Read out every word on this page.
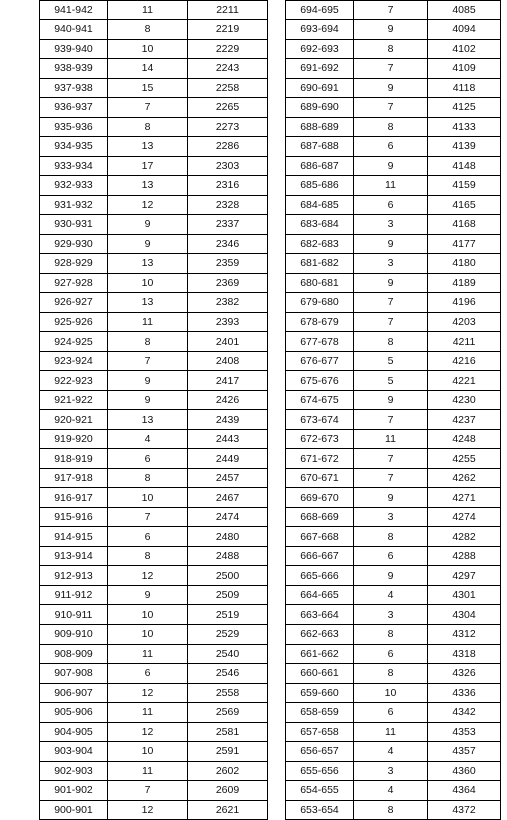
941-942	11	2211
940-941	8	2219
939-940	10	2229
938-939	14	2243
937-938	15	2258
936-937	7	2265
935-936	8	2273
934-935	13	2286
933-934	17	2303
932-933	13	2316
931-932	12	2328
930-931	9	2337
929-930	9	2346
928-929	13	2359
927-928	10	2369
926-927	13	2382
925-926	11	2393
924-925	8	2401
923-924	7	2408
922-923	9	2417
921-922	9	2426
920-921	13	2439
919-920	4	2443
918-919	6	2449
917-918	8	2457
916-917	10	2467
915-916	7	2474
914-915	6	2480
913-914	8	2488
912-913	12	2500
911-912	9	2509
910-911	10	2519
909-910	10	2529
908-909	11	2540
907-908	6	2546
906-907	12	2558
905-906	11	2569
904-905	12	2581
903-904	10	2591
902-903	11	2602
901-902	7	2609
900-901	12	2621
694-695	7	4085
693-694	9	4094
692-693	8	4102
691-692	7	4109
690-691	9	4118
689-690	7	4125
688-689	8	4133
687-688	6	4139
686-687	9	4148
685-686	11	4159
684-685	6	4165
683-684	3	4168
682-683	9	4177
681-682	3	4180
680-681	9	4189
679-680	7	4196
678-679	7	4203
677-678	8	4211
676-677	5	4216
675-676	5	4221
674-675	9	4230
673-674	7	4237
672-673	11	4248
671-672	7	4255
670-671	7	4262
669-670	9	4271
668-669	3	4274
667-668	8	4282
666-667	6	4288
665-666	9	4297
664-665	4	4301
663-664	3	4304
662-663	8	4312
661-662	6	4318
660-661	8	4326
659-660	10	4336
658-659	6	4342
657-658	11	4353
656-657	4	4357
655-656	3	4360
654-655	4	4364
653-654	8	4372
